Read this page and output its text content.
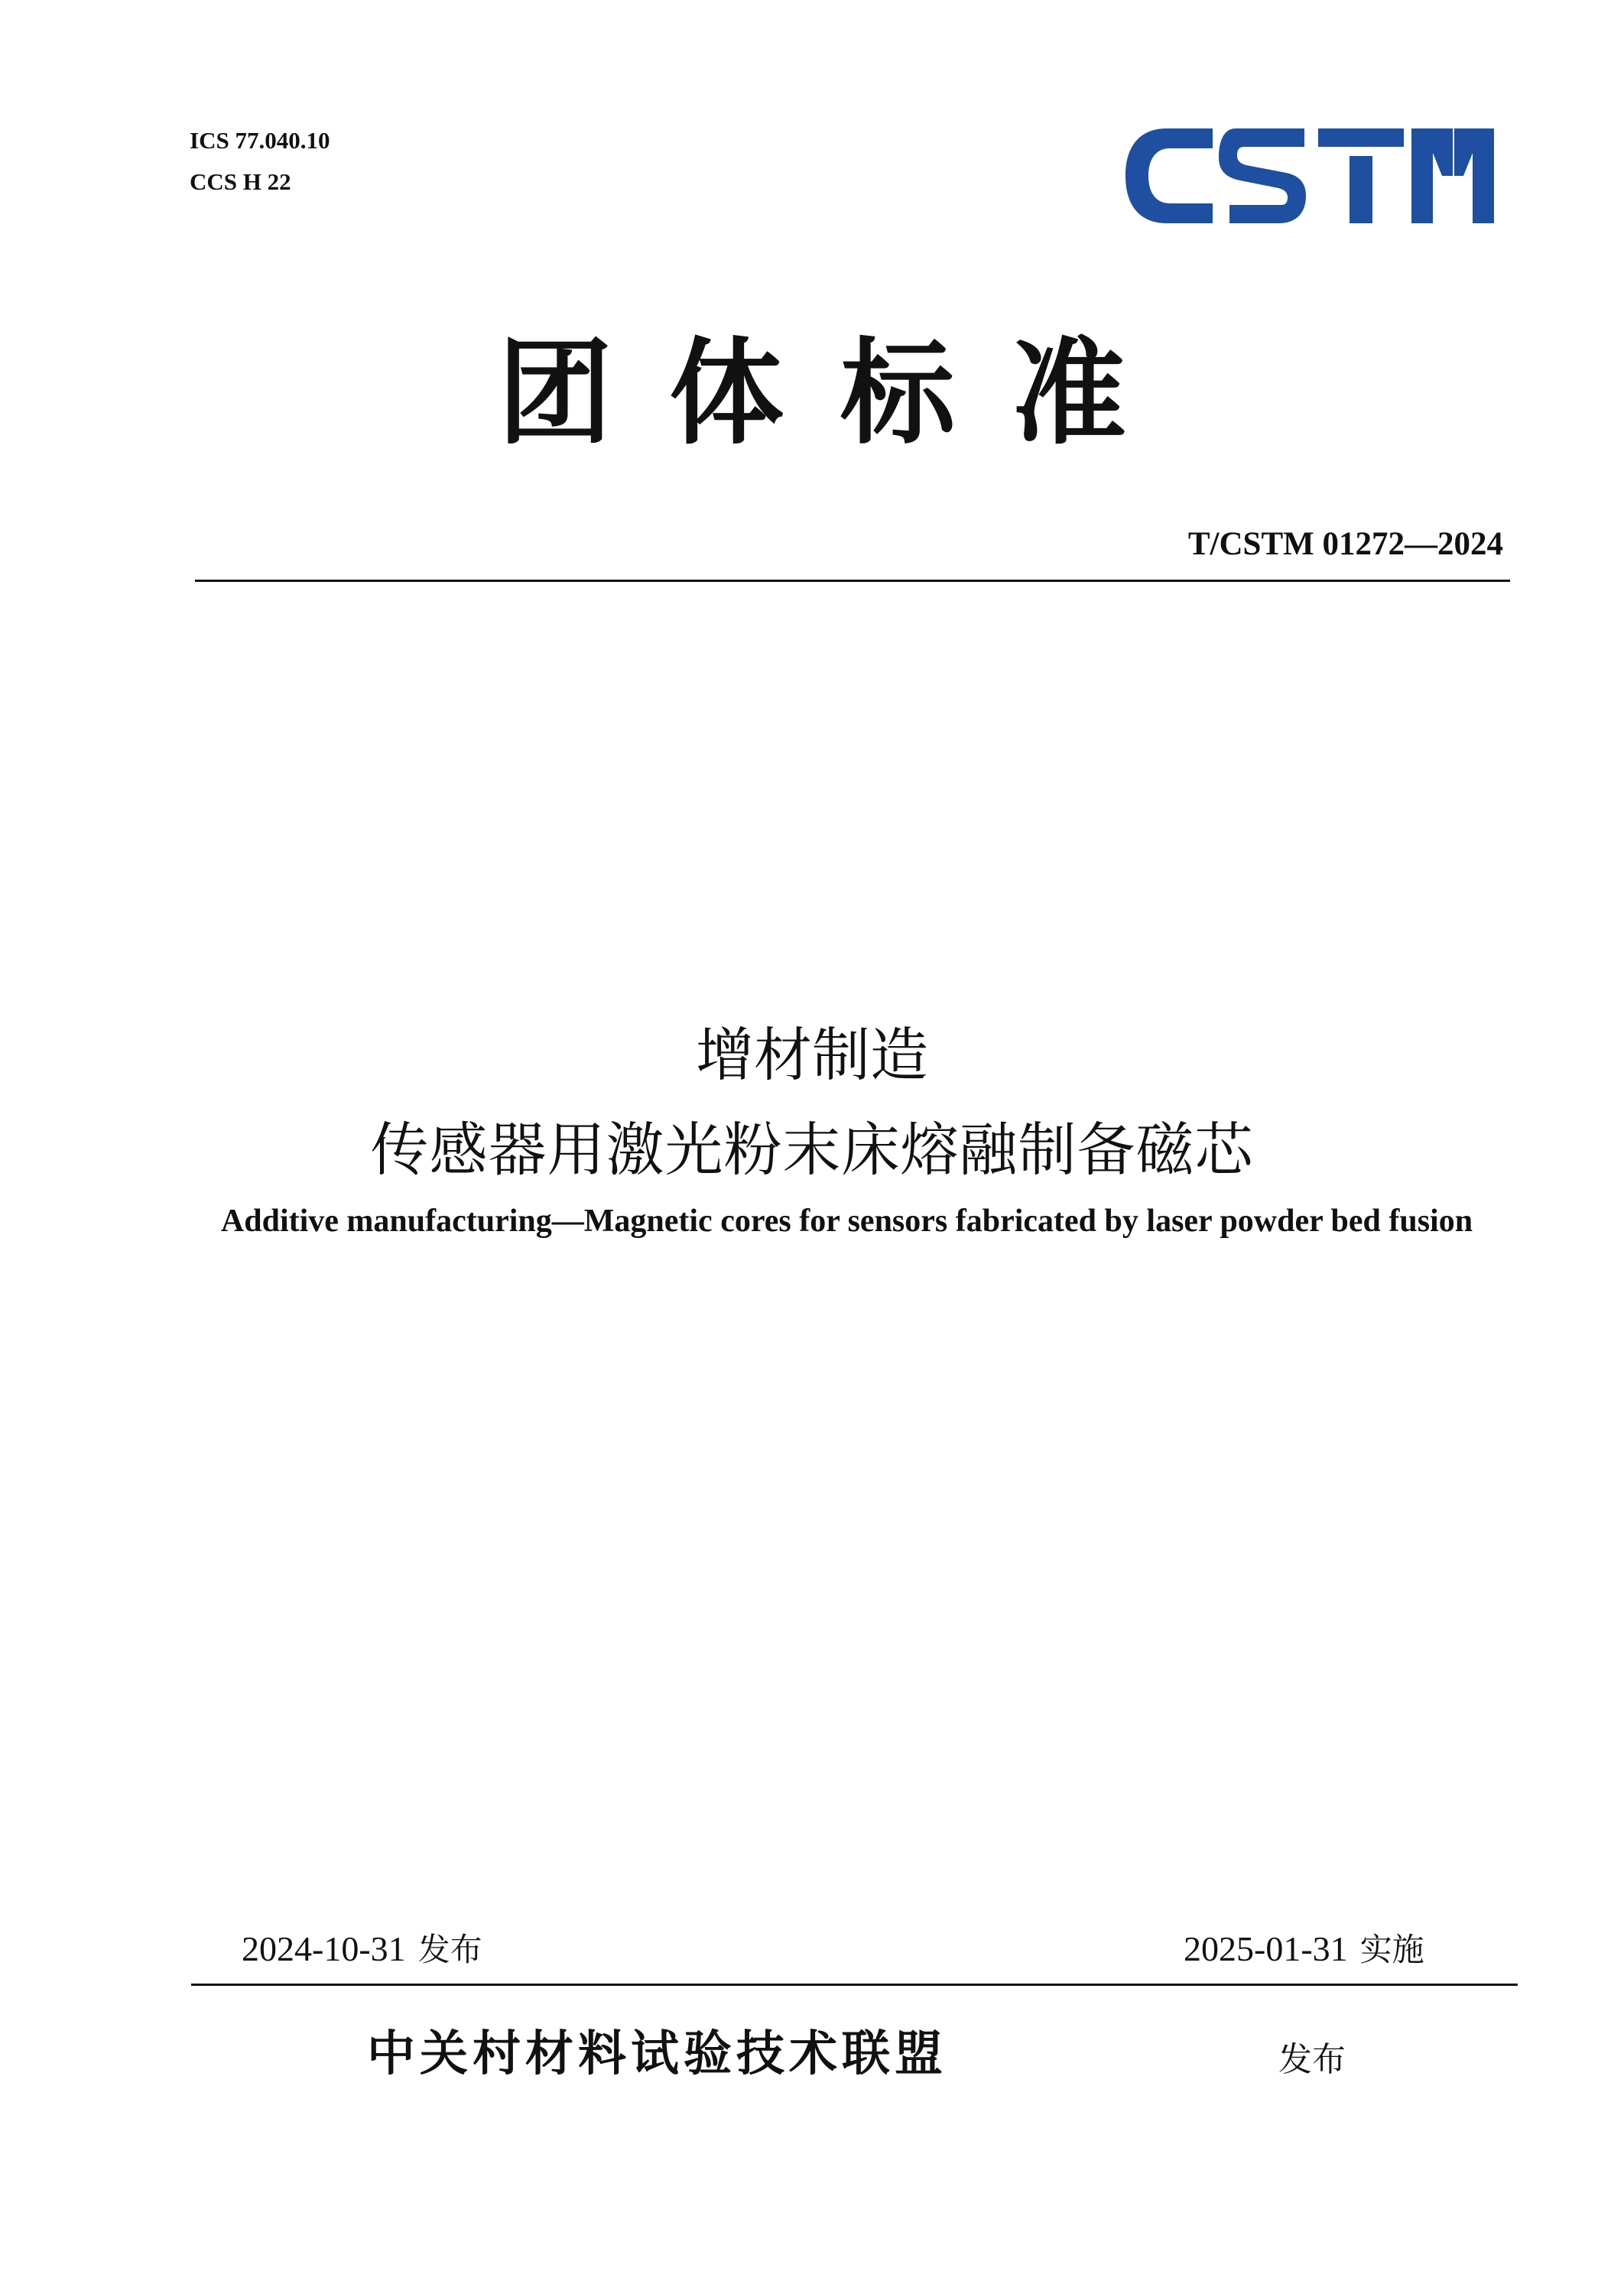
ICS 77.040.10
CCS H 22
团体标准
T/CSTM 01272—2024
增材制造
传感器用激光粉末床熔融制备磁芯
Additive manufacturing—Magnetic cores for sensors fabricated by laser powder bed fusion
2024-10-31 发布	2025-01-31 实施
中关村材料试验技术联盟	发布
